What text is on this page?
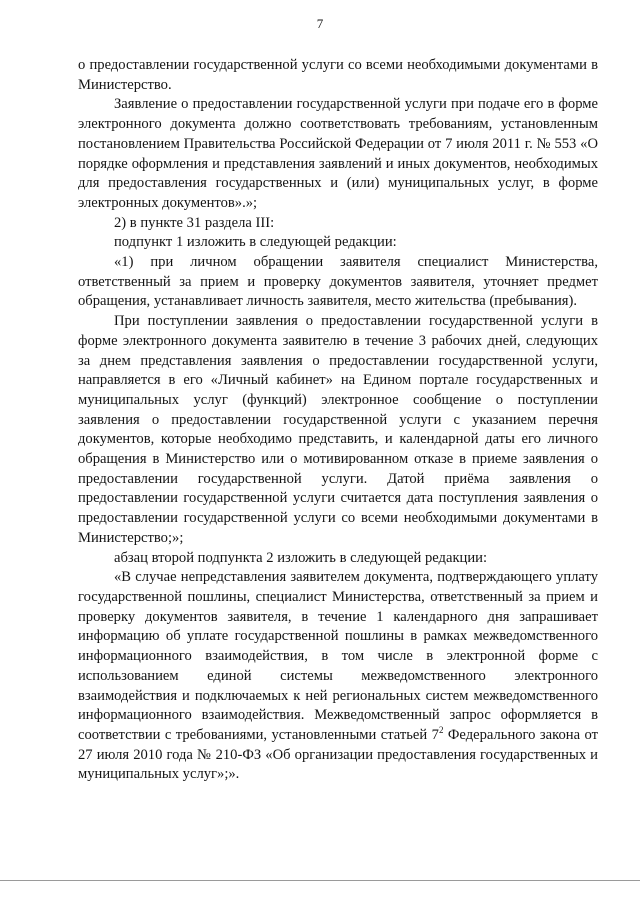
7

о предоставлении государственной услуги со всеми необходимыми документами в Министерство.

Заявление о предоставлении государственной услуги при подаче его в форме электронного документа должно соответствовать требованиям, установленным постановлением Правительства Российской Федерации от 7 июля 2011 г. № 553 «О порядке оформления и представления заявлений и иных документов, необходимых для предоставления государственных и (или) муниципальных услуг, в форме электронных документов».»;

2) в пункте 31 раздела III:

подпункт 1 изложить в следующей редакции:

«1) при личном обращении заявителя специалист Министерства, ответственный за прием и проверку документов заявителя, уточняет предмет обращения, устанавливает личность заявителя, место жительства (пребывания).

При поступлении заявления о предоставлении государственной услуги в форме электронного документа заявителю в течение 3 рабочих дней, следующих за днем представления заявления о предоставлении государственной услуги, направляется в его «Личный кабинет» на Едином портале государственных и муниципальных услуг (функций) электронное сообщение о поступлении заявления о предоставлении государственной услуги с указанием перечня документов, которые необходимо представить, и календарной даты его личного обращения в Министерство или о мотивированном отказе в приеме заявления о предоставлении государственной услуги. Датой приёма заявления о предоставлении государственной услуги считается дата поступления заявления о предоставлении государственной услуги со всеми необходимыми документами в Министерство;»;

абзац второй подпункта 2 изложить в следующей редакции:

«В случае непредставления заявителем документа, подтверждающего уплату государственной пошлины, специалист Министерства, ответственный за прием и проверку документов заявителя, в течение 1 календарного дня запрашивает информацию об уплате государственной пошлины в рамках межведомственного информационного взаимодействия, в том числе в электронной форме с использованием единой системы межведомственного электронного взаимодействия и подключаемых к ней региональных систем межведомственного информационного взаимодействия. Межведомственный запрос оформляется в соответствии с требованиями, установленными статьей $7^2$ Федерального закона от 27 июля 2010 года № 210-ФЗ «Об организации предоставления государственных и муниципальных услуг»;».
